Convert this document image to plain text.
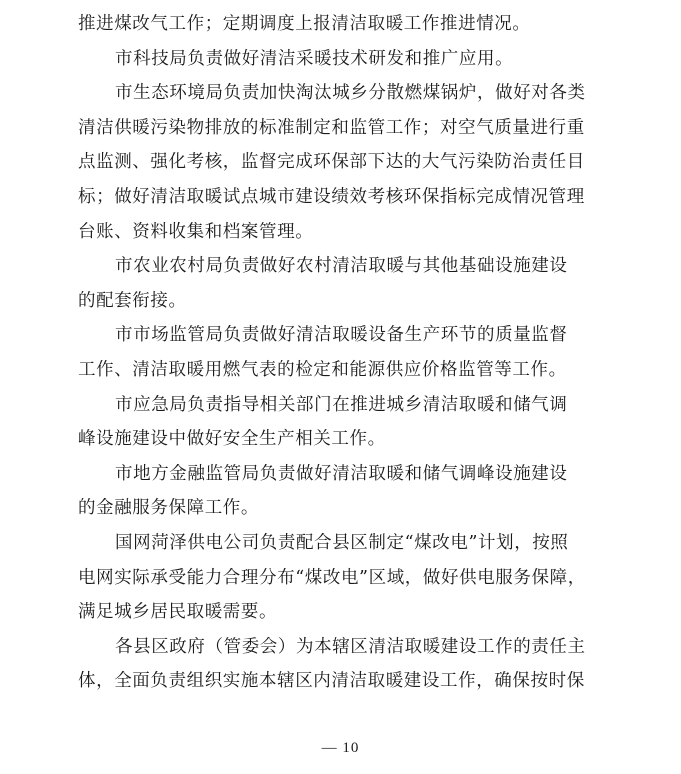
推进煤改气工作；定期调度上报清洁取暖工作推进情况。

市科技局负责做好清洁采暖技术研发和推广应用。

市生态环境局负责加快淘汰城乡分散燃煤锅炉，做好对各类
清洁供暖污染物排放的标准制定和监管工作；对空气质量进行重
点监测、强化考核，监督完成环保部下达的大气污染防治责任目
标；做好清洁取暖试点城市建设绩效考核环保指标完成情况管理
台账、资料收集和档案管理。

市农业农村局负责做好农村清洁取暖与其他基础设施建设
的配套衔接。

市市场监管局负责做好清洁取暖设备生产环节的质量监督
工作、清洁取暖用燃气表的检定和能源供应价格监管等工作。

市应急局负责指导相关部门在推进城乡清洁取暖和储气调
峰设施建设中做好安全生产相关工作。

市地方金融监管局负责做好清洁取暖和储气调峰设施建设
的金融服务保障工作。

国网菏泽供电公司负责配合县区制定“煤改电”计划，按照
电网实际承受能力合理分布“煤改电”区域，做好供电服务保障，
满足城乡居民取暖需要。

各县区政府（管委会）为本辖区清洁取暖建设工作的责任主
体，全面负责组织实施本辖区内清洁取暖建设工作，确保按时保

— 10
